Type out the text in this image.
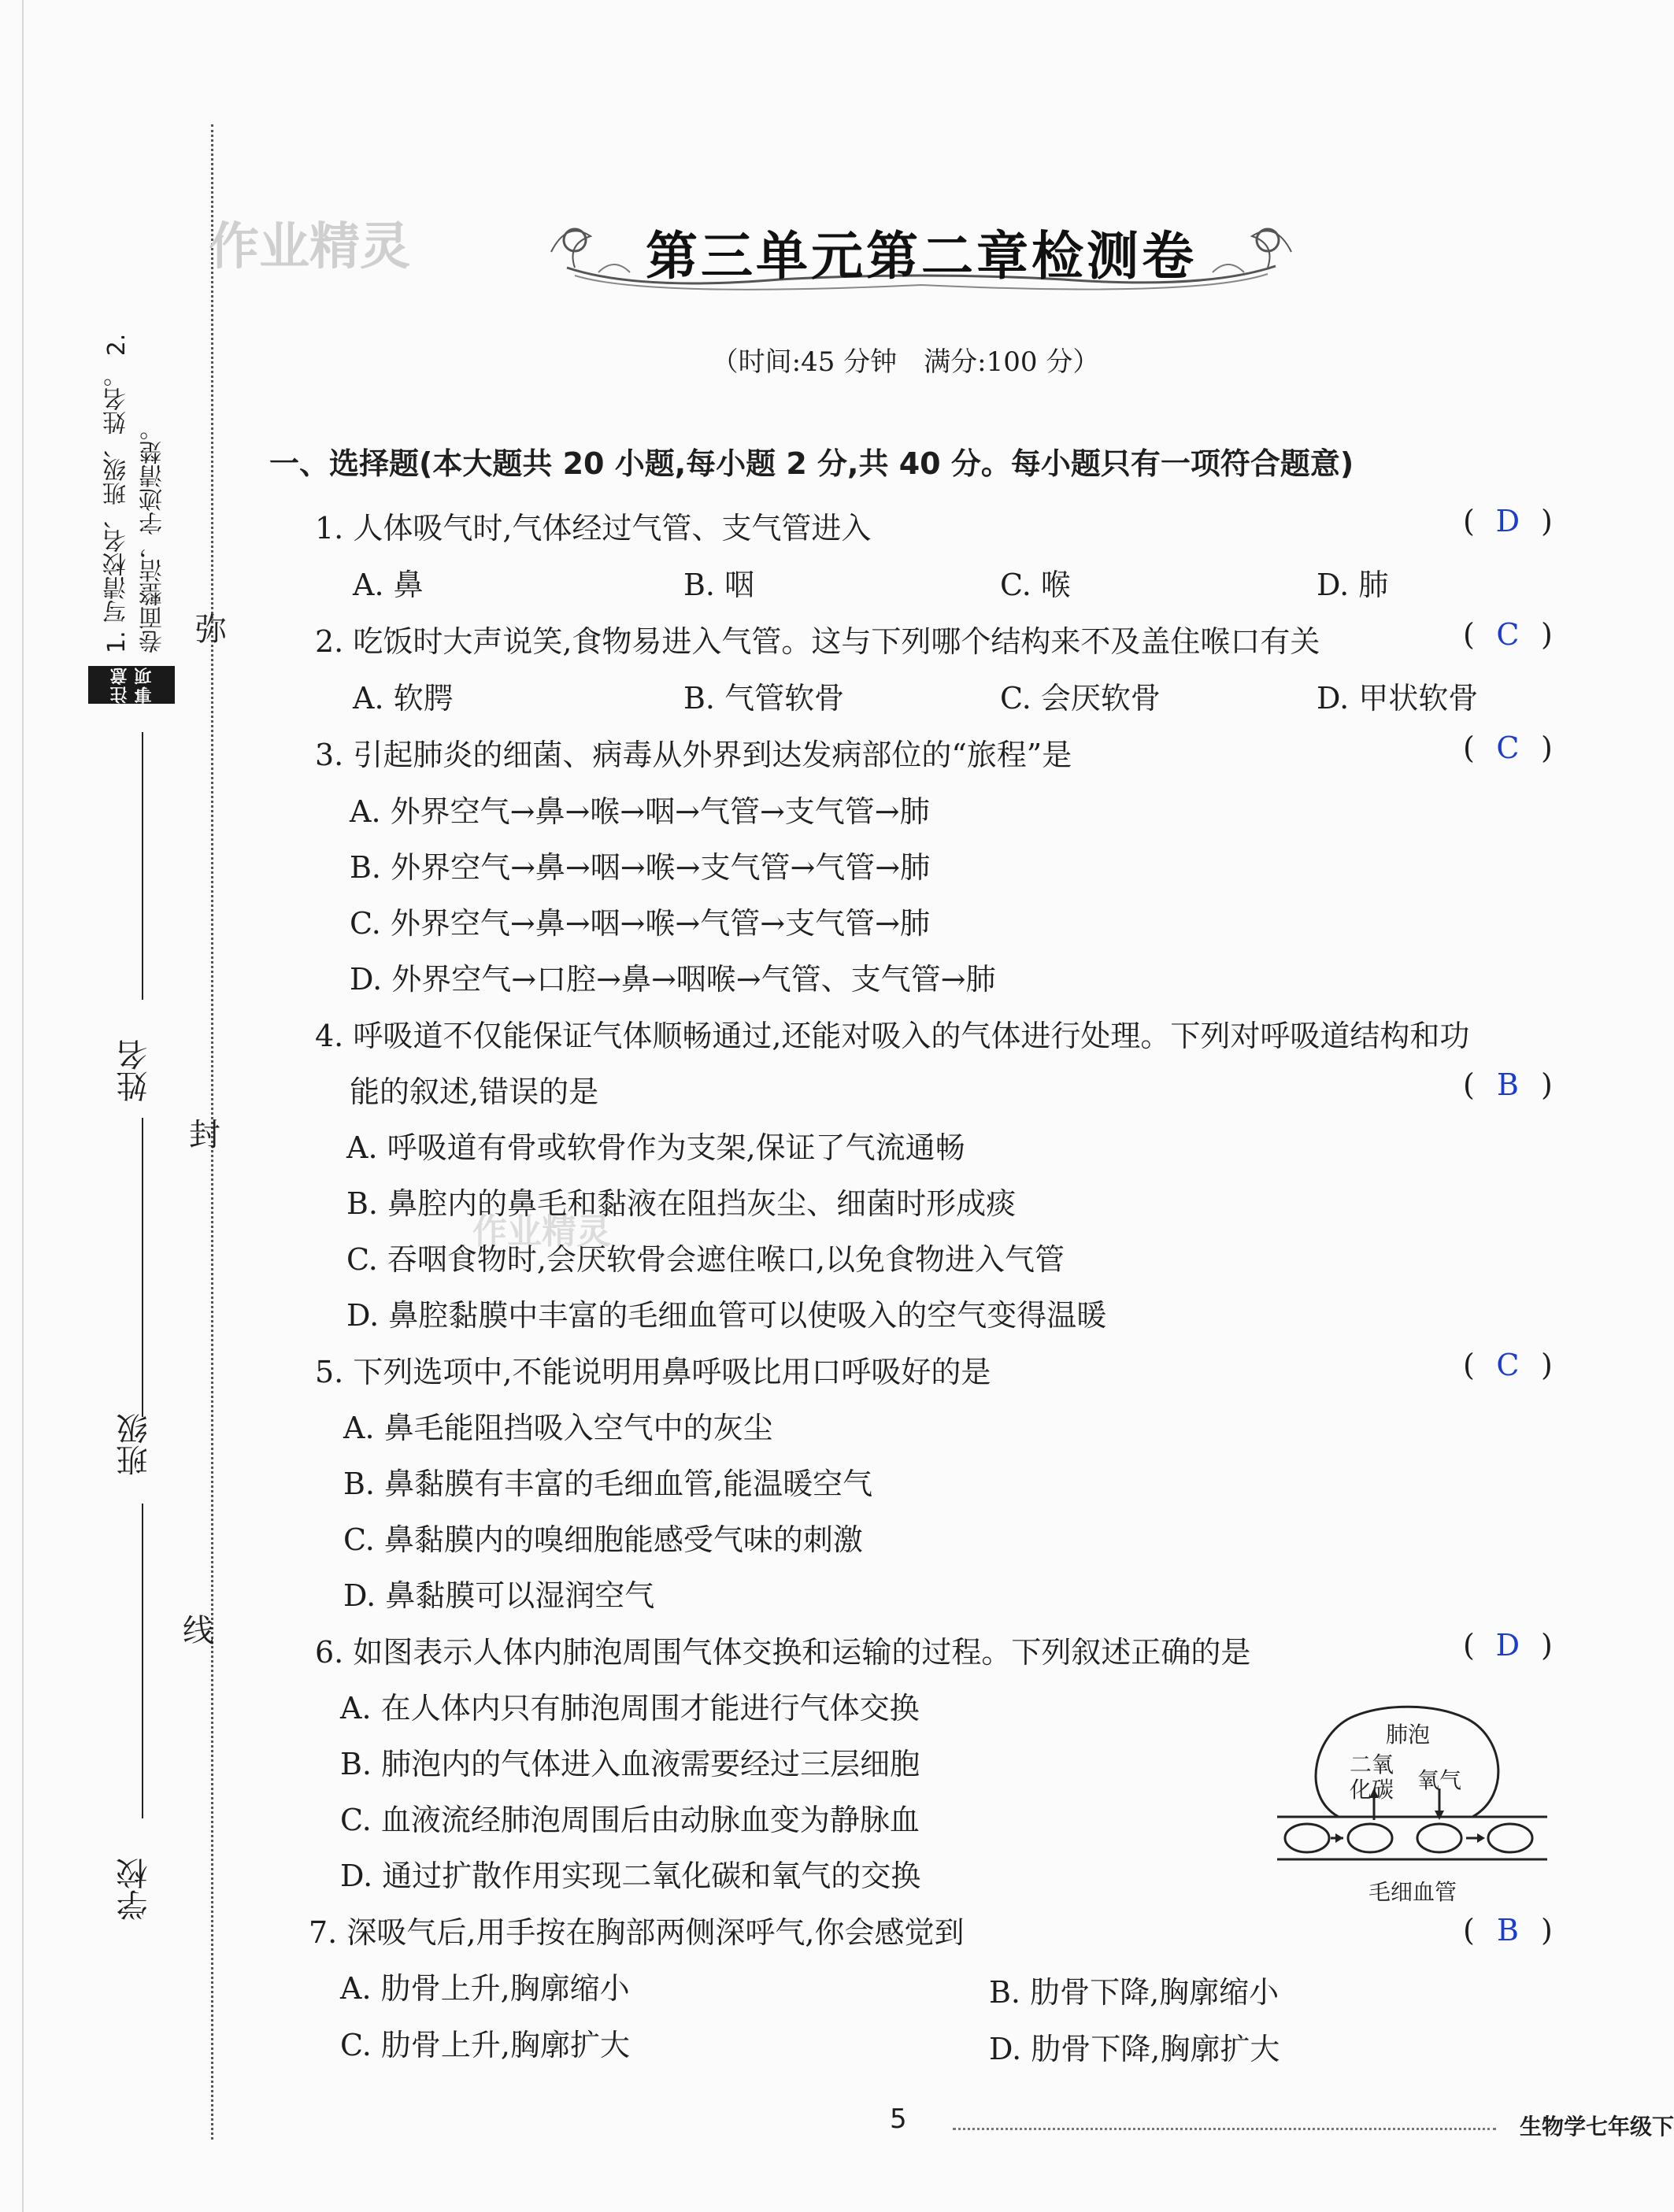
弥
封
线
1. 写清校名、班级、姓名。 2. 卷面整洁，字迹清楚。
注意事项
姓名
班级
学校
作业精灵
作业精灵
第三单元第二章检测卷
（时间:45 分钟　满分:100 分）
一、选择题(本大题共 20 小题,每小题 2 分,共 40 分。每小题只有一项符合题意)
1. 人体吸气时,气体经过气管、支气管进入	( D )
A. 鼻	B. 咽	C. 喉	D. 肺
2. 吃饭时大声说笑,食物易进入气管。这与下列哪个结构来不及盖住喉口有关	( C )
A. 软腭	B. 气管软骨	C. 会厌软骨	D. 甲状软骨
3. 引起肺炎的细菌、病毒从外界到达发病部位的“旅程”是	( C )
A. 外界空气→鼻→喉→咽→气管→支气管→肺
B. 外界空气→鼻→咽→喉→支气管→气管→肺
C. 外界空气→鼻→咽→喉→气管→支气管→肺
D. 外界空气→口腔→鼻→咽喉→气管、支气管→肺
4. 呼吸道不仅能保证气体顺畅通过,还能对吸入的气体进行处理。下列对呼吸道结构和功
能的叙述,错误的是	( B )
A. 呼吸道有骨或软骨作为支架,保证了气流通畅
B. 鼻腔内的鼻毛和黏液在阻挡灰尘、细菌时形成痰
C. 吞咽食物时,会厌软骨会遮住喉口,以免食物进入气管
D. 鼻腔黏膜中丰富的毛细血管可以使吸入的空气变得温暖
5. 下列选项中,不能说明用鼻呼吸比用口呼吸好的是	( C )
A. 鼻毛能阻挡吸入空气中的灰尘
B. 鼻黏膜有丰富的毛细血管,能温暖空气
C. 鼻黏膜内的嗅细胞能感受气味的刺激
D. 鼻黏膜可以湿润空气
6. 如图表示人体内肺泡周围气体交换和运输的过程。下列叙述正确的是	( D )
A. 在人体内只有肺泡周围才能进行气体交换
B. 肺泡内的气体进入血液需要经过三层细胞
C. 血液流经肺泡周围后由动脉血变为静脉血
D. 通过扩散作用实现二氧化碳和氧气的交换
肺泡
二氧
化碳 氧气
毛细血管
7. 深吸气后,用手按在胸部两侧深呼气,你会感觉到	( B )
A. 肋骨上升,胸廓缩小	B. 肋骨下降,胸廓缩小
C. 肋骨上升,胸廓扩大	D. 肋骨下降,胸廓扩大
5	生物学七年级下
